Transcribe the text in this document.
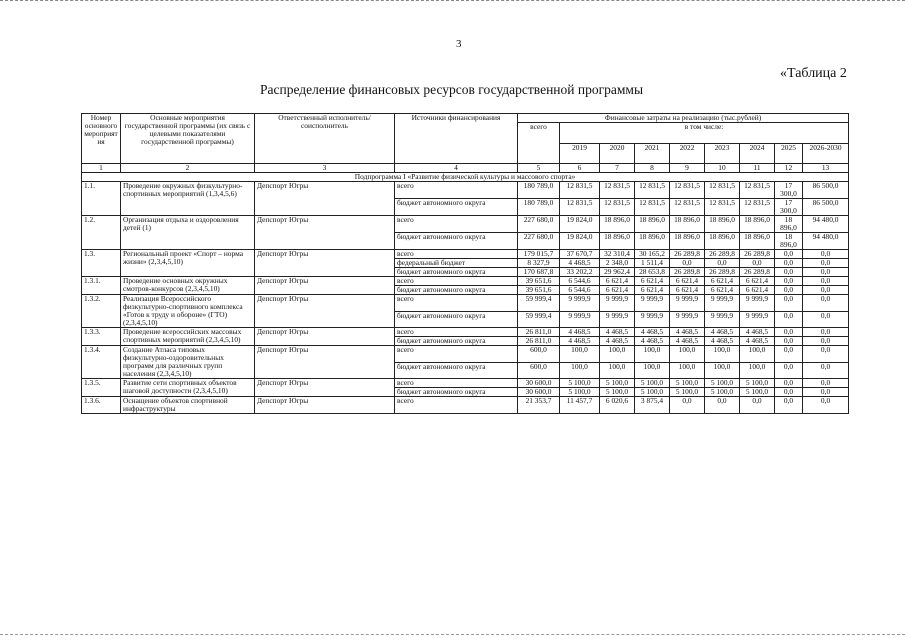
3
«Таблица 2
Распределение финансовых ресурсов государственной программы
Номер основного мероприят ия	Основные мероприятия государственной программы (их связь с целевыми показателями государственной программы)	Ответственный исполнитель/соисполнитель	Источники финансирования	Финансовые затраты на реализацию (тыс.рублей)								
				всего	в том числе:							
					2019	2020	2021	2022	2023	2024	2025	2026-2030
1	2	3	4	5	6	7	8	9	10	11	12	13
Подпрограмма I «Развитие физической культуры и массового спорта»												
1.1.	Проведение окружных физкультурно-спортивных мероприятий (1,3,4,5,6)	Депспорт Югры	всего	180 789,0	12 831,5	12 831,5	12 831,5	12 831,5	12 831,5	12 831,5	17 300,0	86 500,0
			бюджет автономного округа	180 789,0	12 831,5	12 831,5	12 831,5	12 831,5	12 831,5	12 831,5	17 300,0	86 500,0
1.2.	Организация отдыха и оздоровления детей (1)	Депспорт Югры	всего	227 680,0	19 824,0	18 896,0	18 896,0	18 896,0	18 896,0	18 896,0	18 896,0	94 480,0
			бюджет автономного округа	227 680,0	19 824,0	18 896,0	18 896,0	18 896,0	18 896,0	18 896,0	18 896,0	94 480,0
1.3.	Региональный проект «Спорт – норма жизни» (2,3,4,5,10)	Депспорт Югры	всего	179 015,7	37 670,7	32 310,4	30 165,2	26 289,8	26 289,8	26 289,8	0,0	0,0
			федеральный бюджет	8 327,9	4 468,5	2 348,0	1 511,4	0,0	0,0	0,0	0,0	0,0
			бюджет автономного округа	170 687,8	33 202,2	29 962,4	28 653,8	26 289,8	26 289,8	26 289,8	0,0	0,0
1.3.1.	Проведение основных окружных смотров-конкурсов (2,3,4,5,10)	Депспорт Югры	всего	39 651,6	6 544,6	6 621,4	6 621,4	6 621,4	6 621,4	6 621,4	0,0	0,0
			бюджет автономного округа	39 651,6	6 544,6	6 621,4	6 621,4	6 621,4	6 621,4	6 621,4	0,0	0,0
1.3.2.	Реализация Всероссийского физкультурно-спортивного комплекса «Готов к труду и обороне» (ГТО) (2,3,4,5,10)	Депспорт Югры	всего	59 999,4	9 999,9	9 999,9	9 999,9	9 999,9	9 999,9	9 999,9	0,0	0,0
			бюджет автономного округа	59 999,4	9 999,9	9 999,9	9 999,9	9 999,9	9 999,9	9 999,9	0,0	0,0
1.3.3.	Проведение всероссийских массовых спортивных мероприятий (2,3,4,5,10)	Депспорт Югры	всего	26 811,0	4 468,5	4 468,5	4 468,5	4 468,5	4 468,5	4 468,5	0,0	0,0
			бюджет автономного округа	26 811,0	4 468,5	4 468,5	4 468,5	4 468,5	4 468,5	4 468,5	0,0	0,0
1.3.4.	Создание Атласа типовых физкультурно-оздоровительных программ для различных групп населения (2,3,4,5,10)	Депспорт Югры	всего	600,0	100,0	100,0	100,0	100,0	100,0	100,0	0,0	0,0
			бюджет автономного округа	600,0	100,0	100,0	100,0	100,0	100,0	100,0	0,0	0,0
1.3.5.	Развитие сети спортивных объектов шаговой доступности (2,3,4,5,10)	Депспорт Югры	всего	30 600,0	5 100,0	5 100,0	5 100,0	5 100,0	5 100,0	5 100,0	0,0	0,0
			бюджет автономного округа	30 600,0	5 100,0	5 100,0	5 100,0	5 100,0	5 100,0	5 100,0	0,0	0,0
1.3.6.	Оснащение объектов спортивной инфраструктуры	Депспорт Югры	всего	21 353,7	11 457,7	6 020,6	3 875,4	0,0	0,0	0,0	0,0	0,0
